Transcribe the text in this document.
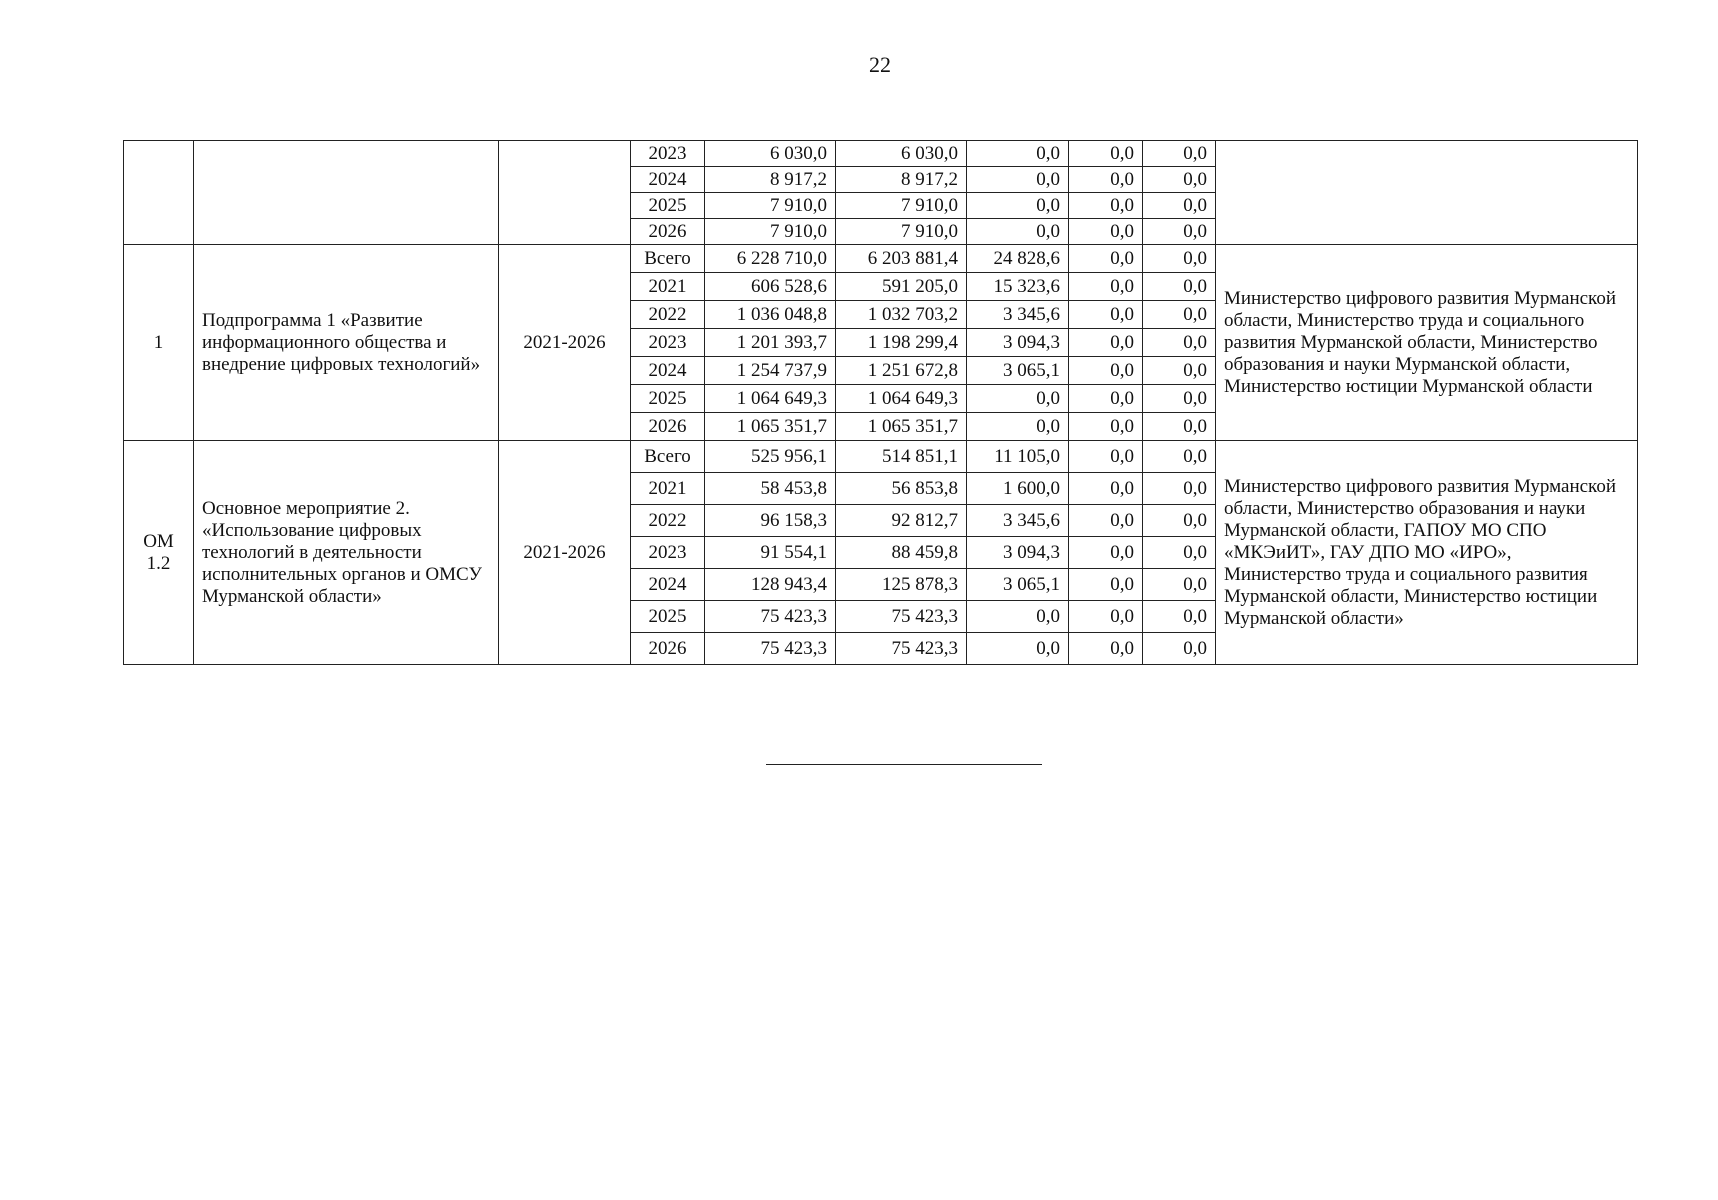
22
			2023	6 030,0	6 030,0	0,0	0,0	0,0	
			2024	8 917,2	8 917,2	0,0	0,0	0,0	
			2025	7 910,0	7 910,0	0,0	0,0	0,0	
			2026	7 910,0	7 910,0	0,0	0,0	0,0	
1	Подпрограмма 1 «Развитие информационного общества и внедрение цифровых технологий»	2021-2026	Всего	6 228 710,0	6 203 881,4	24 828,6	0,0	0,0	Министерство цифрового развития Мурманской области, Министерство труда и социального развития Мурманской области, Министерство образования и науки Мурманской области, Министерство юстиции Мурманской области
			2021	606 528,6	591 205,0	15 323,6	0,0	0,0	
			2022	1 036 048,8	1 032 703,2	3 345,6	0,0	0,0	
			2023	1 201 393,7	1 198 299,4	3 094,3	0,0	0,0	
			2024	1 254 737,9	1 251 672,8	3 065,1	0,0	0,0	
			2025	1 064 649,3	1 064 649,3	0,0	0,0	0,0	
			2026	1 065 351,7	1 065 351,7	0,0	0,0	0,0	
ОМ 1.2	Основное мероприятие 2. «Использование цифровых технологий в деятельности исполнительных органов и ОМСУ Мурманской области»	2021-2026	Всего	525 956,1	514 851,1	11 105,0	0,0	0,0	Министерство цифрового развития Мурманской области, Министерство образования и науки Мурманской области, ГАПОУ МО СПО «МКЭиИТ», ГАУ ДПО МО «ИРО», Министерство труда и социального развития Мурманской области, Министерство юстиции Мурманской области»
			2021	58 453,8	56 853,8	1 600,0	0,0	0,0	
			2022	96 158,3	92 812,7	3 345,6	0,0	0,0	
			2023	91 554,1	88 459,8	3 094,3	0,0	0,0	
			2024	128 943,4	125 878,3	3 065,1	0,0	0,0	
			2025	75 423,3	75 423,3	0,0	0,0	0,0	
			2026	75 423,3	75 423,3	0,0	0,0	0,0	
